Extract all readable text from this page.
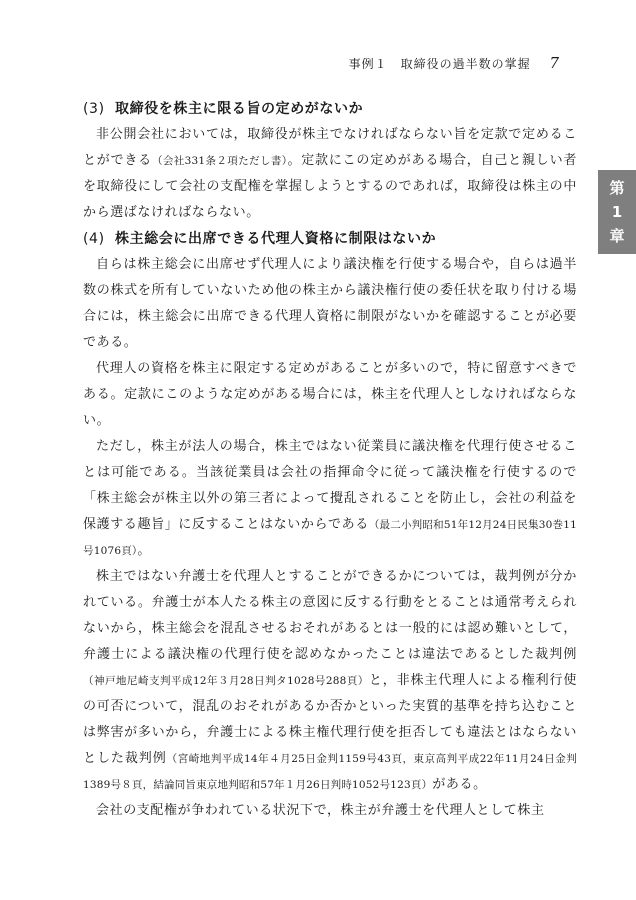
事例１　取締役の過半数の掌握 7
第
1
章
(3) 取締役を株主に限る旨の定めがないか

非公開会社においては，取締役が株主でなければならない旨を定款で定めることができる（会社331条２項ただし書）。定款にこの定めがある場合，自己と親しい者を取締役にして会社の支配権を掌握しようとするのであれば，取締役は株主の中から選ばなければならない。

(4) 株主総会に出席できる代理人資格に制限はないか

自らは株主総会に出席せず代理人により議決権を行使する場合や，自らは過半数の株式を所有していないため他の株主から議決権行使の委任状を取り付ける場合には，株主総会に出席できる代理人資格に制限がないかを確認することが必要である。

代理人の資格を株主に限定する定めがあることが多いので，特に留意すべきである。定款にこのような定めがある場合には，株主を代理人としなければならない。

ただし，株主が法人の場合，株主ではない従業員に議決権を代理行使させることは可能である。当該従業員は会社の指揮命令に従って議決権を行使するので「株主総会が株主以外の第三者によって攪乱されることを防止し，会社の利益を保護する趣旨」に反することはないからである（最二小判昭和51年12月24日民集30巻11号1076頁）。

株主ではない弁護士を代理人とすることができるかについては，裁判例が分かれている。弁護士が本人たる株主の意図に反する行動をとることは通常考えられないから，株主総会を混乱させるおそれがあるとは一般的には認め難いとして，弁護士による議決権の代理行使を認めなかったことは違法であるとした裁判例（神戸地尼崎支判平成12年３月28日判タ1028号288頁）と，非株主代理人による権利行使の可否について，混乱のおそれがあるか否かといった実質的基準を持ち込むことは弊害が多いから，弁護士による株主権代理行使を拒否しても違法とはならないとした裁判例（宮崎地判平成14年４月25日金判1159号43頁，東京高判平成22年11月24日金判1389号８頁，結論同旨東京地判昭和57年１月26日判時1052号123頁）がある。

会社の支配権が争われている状況下で，株主が弁護士を代理人として株主
